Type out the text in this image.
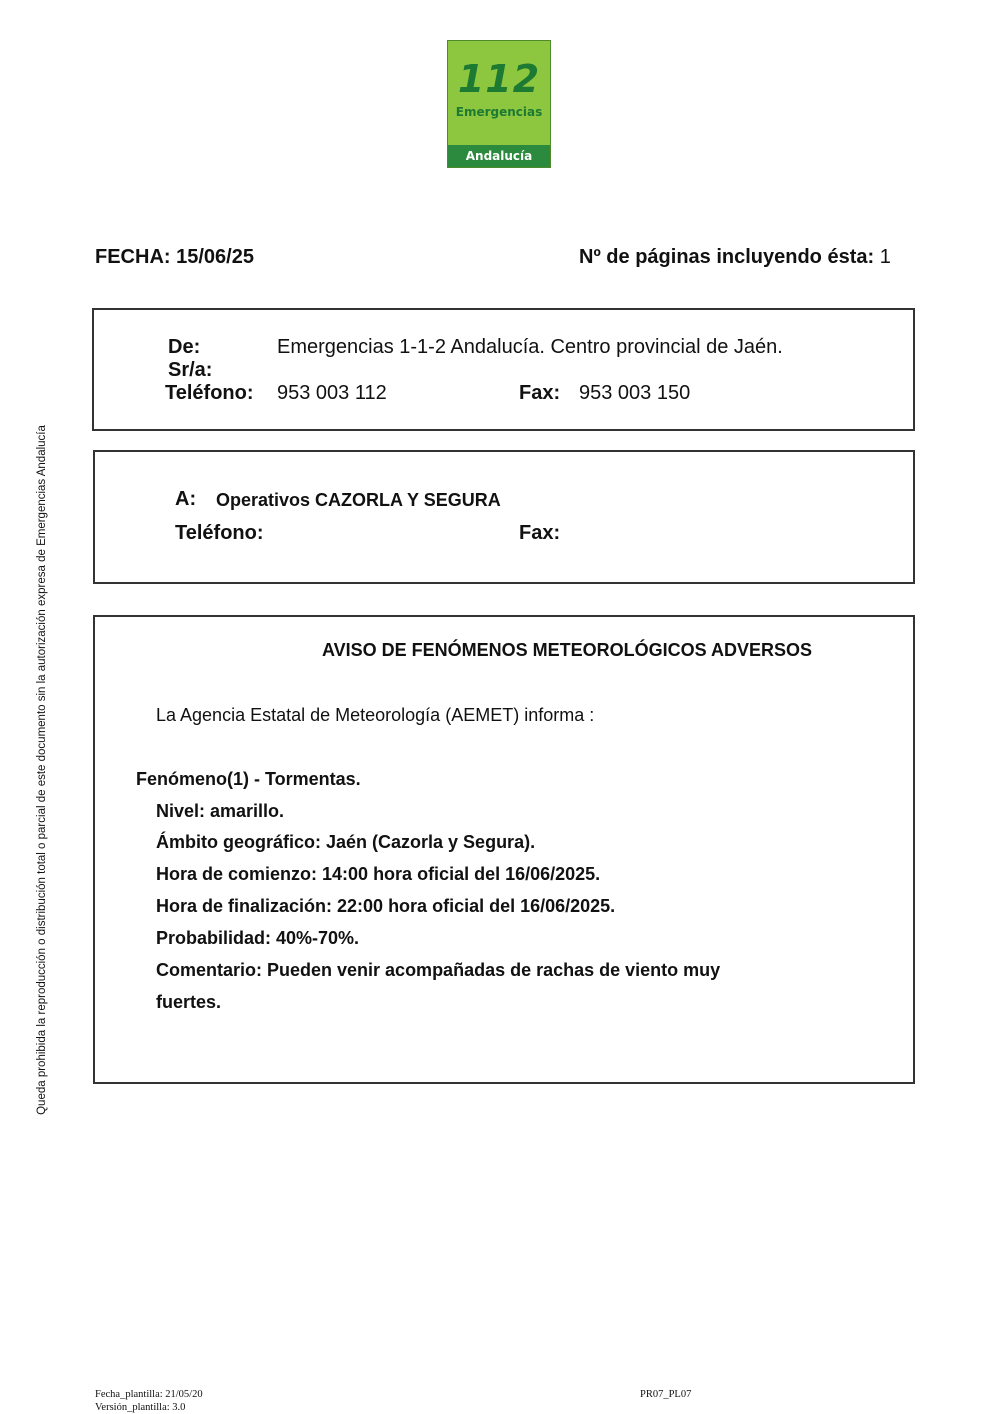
112
Emergencias
Andalucía
FECHA: 15/06/25	Nº de páginas incluyendo ésta: 1
De:	Emergencias 1-1-2 Andalucía. Centro provincial de Jaén.
Sr/a:
Teléfono: 953 003 112	Fax: 953 003 150
A: Operativos CAZORLA Y SEGURA
Teléfono:	Fax:
AVISO DE FENÓMENOS METEOROLÓGICOS ADVERSOS
La Agencia Estatal de Meteorología (AEMET) informa :
Fenómeno(1) - Tormentas.
Nivel: amarillo.
Ámbito geográfico: Jaén (Cazorla y Segura).
Hora de comienzo: 14:00 hora oficial del 16/06/2025.
Hora de finalización: 22:00 hora oficial del 16/06/2025.
Probabilidad: 40%-70%.
Comentario: Pueden venir acompañadas de rachas de viento muy
fuertes.
Queda prohibida la reproducción o distribución total o parcial de este documento sin la autorización expresa de Emergencias Andalucía
Fecha_plantilla: 21/05/20
Versión_plantilla: 3.0
PR07_PL07
